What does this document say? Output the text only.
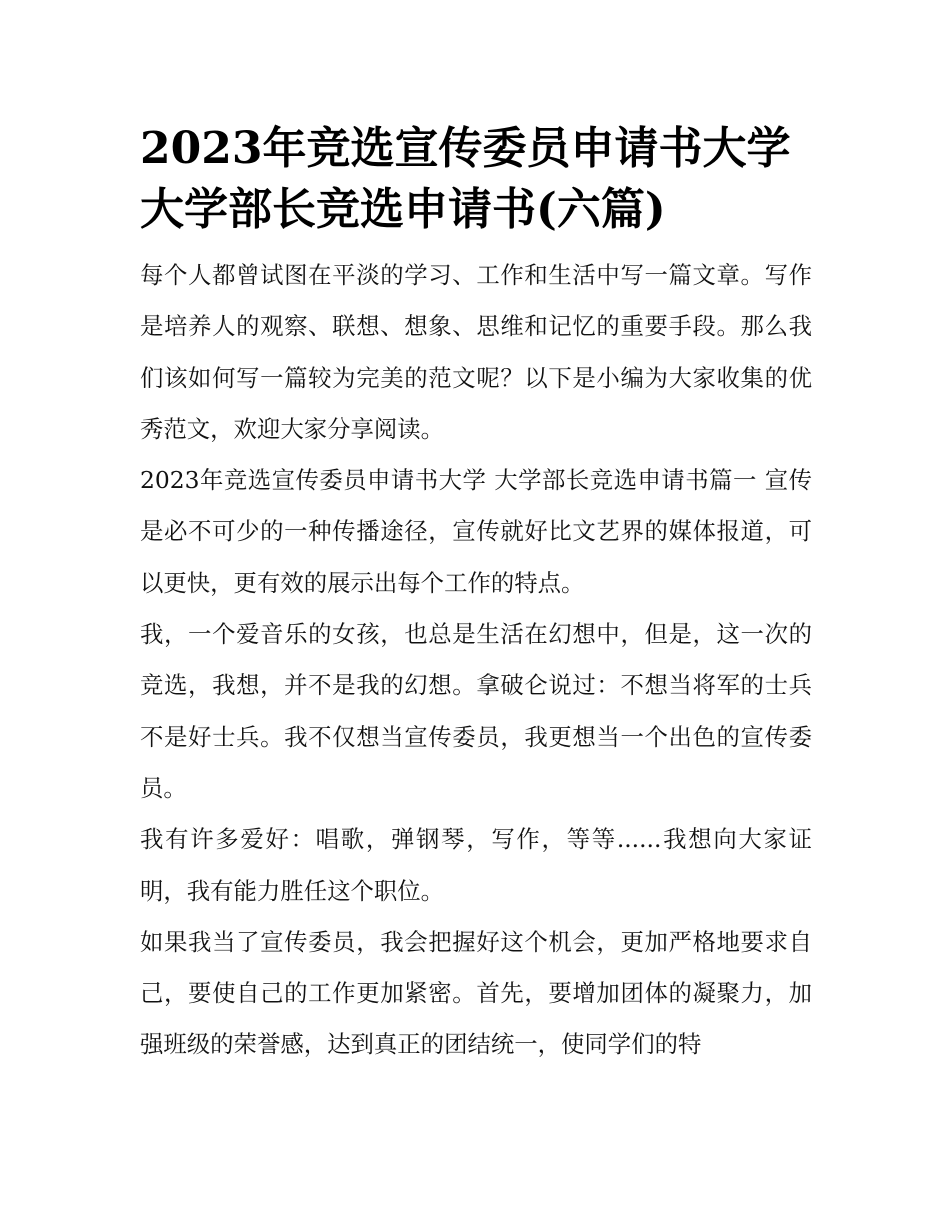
2023年竞选宣传委员申请书大学 大学部长竞选申请书(六篇)

每个人都曾试图在平淡的学习、工作和生活中写一篇文章。写作是培养人的观察、联想、想象、思维和记忆的重要手段。那么我们该如何写一篇较为完美的范文呢？以下是小编为大家收集的优秀范文，欢迎大家分享阅读。

2023年竞选宣传委员申请书大学 大学部长竞选申请书篇一 宣传是必不可少的一种传播途径，宣传就好比文艺界的媒体报道，可以更快，更有效的展示出每个工作的特点。

我，一个爱音乐的女孩，也总是生活在幻想中，但是，这一次的竞选，我想，并不是我的幻想。拿破仑说过：不想当将军的士兵不是好士兵。我不仅想当宣传委员，我更想当一个出色的宣传委员。

我有许多爱好：唱歌，弹钢琴，写作，等等......我想向大家证明，我有能力胜任这个职位。

如果我当了宣传委员，我会把握好这个机会，更加严格地要求自己，要使自己的工作更加紧密。首先，要增加团体的凝聚力，加强班级的荣誉感，达到真正的团结统一，使同学们的特
